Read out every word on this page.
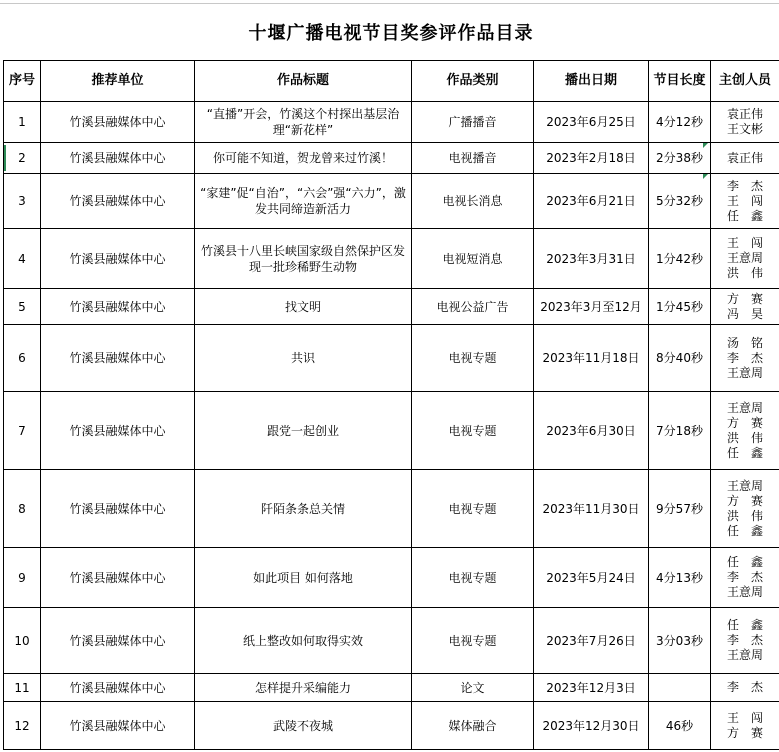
十堰广播电视节目奖参评作品目录
序号	推荐单位	作品标题	作品类别	播出日期	节目长度	主创人员
1	竹溪县融媒体中心	“直播”开会，竹溪这个村探出基层治理“新花样”	广播播音	2023年6月25日	4分12秒	袁正伟
王文彬

2	竹溪县融媒体中心	你可能不知道，贺龙曾来过竹溪！	电视播音	2023年2月18日	2分38秒	袁正伟

3	竹溪县融媒体中心	“家建”促“自治”，“六会”强“六力”，激发共同缔造新活力	电视长消息	2023年6月21日	5分32秒	李　杰
王　闯
任　鑫

4	竹溪县融媒体中心	竹溪县十八里长峡国家级自然保护区发现一批珍稀野生动物	电视短消息	2023年3月31日	1分42秒	王　闯
王意周
洪　伟

5	竹溪县融媒体中心	找文明	电视公益广告	2023年3月至12月	1分45秒	方　赛
冯　昊

6	竹溪县融媒体中心	共识	电视专题	2023年11月18日	8分40秒	汤　铭
李　杰
王意周

7	竹溪县融媒体中心	跟党一起创业	电视专题	2023年6月30日	7分18秒	王意周
方　赛
洪　伟
任　鑫

8	竹溪县融媒体中心	阡陌条条总关情	电视专题	2023年11月30日	9分57秒	王意周
方　赛
洪　伟
任　鑫

9	竹溪县融媒体中心	如此项目 如何落地	电视专题	2023年5月24日	4分13秒	任　鑫
李　杰
王意周

10	竹溪县融媒体中心	纸上整改如何取得实效	电视专题	2023年7月26日	3分03秒	任　鑫
李　杰
王意周

11	竹溪县融媒体中心	怎样提升采编能力	论文	2023年12月3日		李　杰

12	竹溪县融媒体中心	武陵不夜城	媒体融合	2023年12月30日	46秒	王　闯
方　赛
